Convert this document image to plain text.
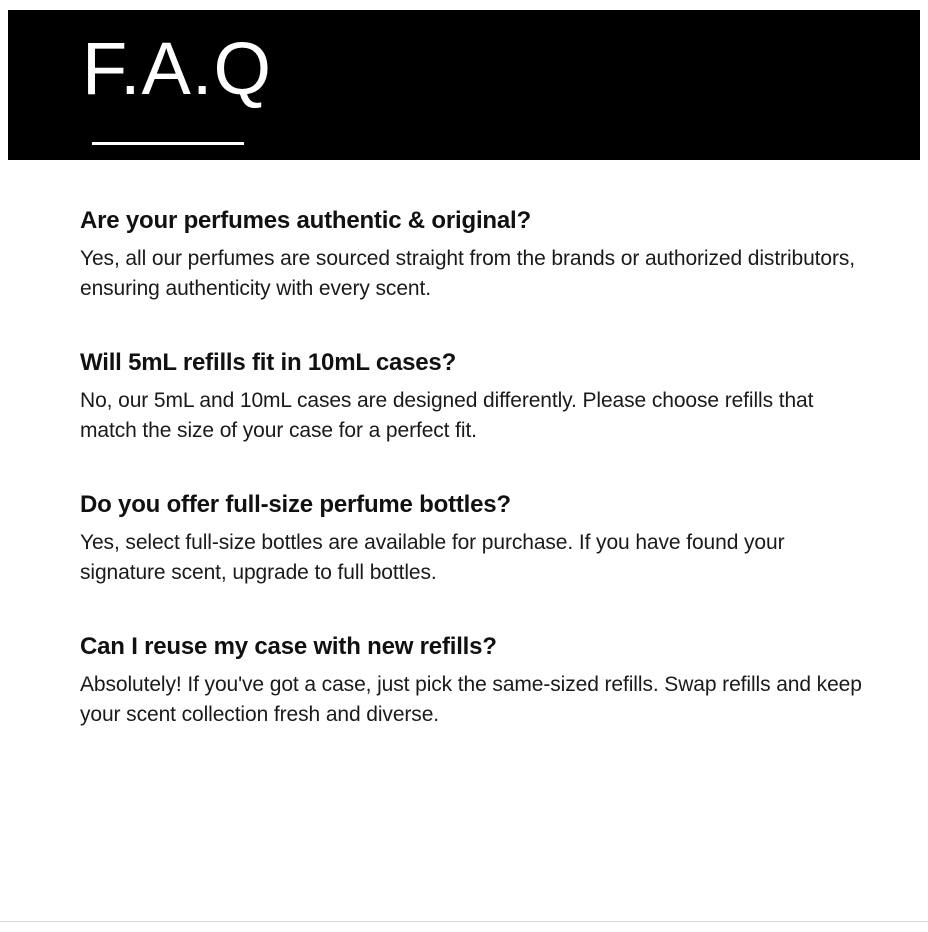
F.A.Q

Are your perfumes authentic & original?

Yes, all our perfumes are sourced straight from the brands or authorized distributors, ensuring authenticity with every scent.

Will 5mL refills fit in 10mL cases?

No, our 5mL and 10mL cases are designed differently. Please choose refills that match the size of your case for a perfect fit.

Do you offer full-size perfume bottles?

Yes, select full-size bottles are available for purchase. If you have found your signature scent, upgrade to full bottles.

Can I reuse my case with new refills?

Absolutely! If you've got a case, just pick the same-sized refills. Swap refills and keep your scent collection fresh and diverse.
